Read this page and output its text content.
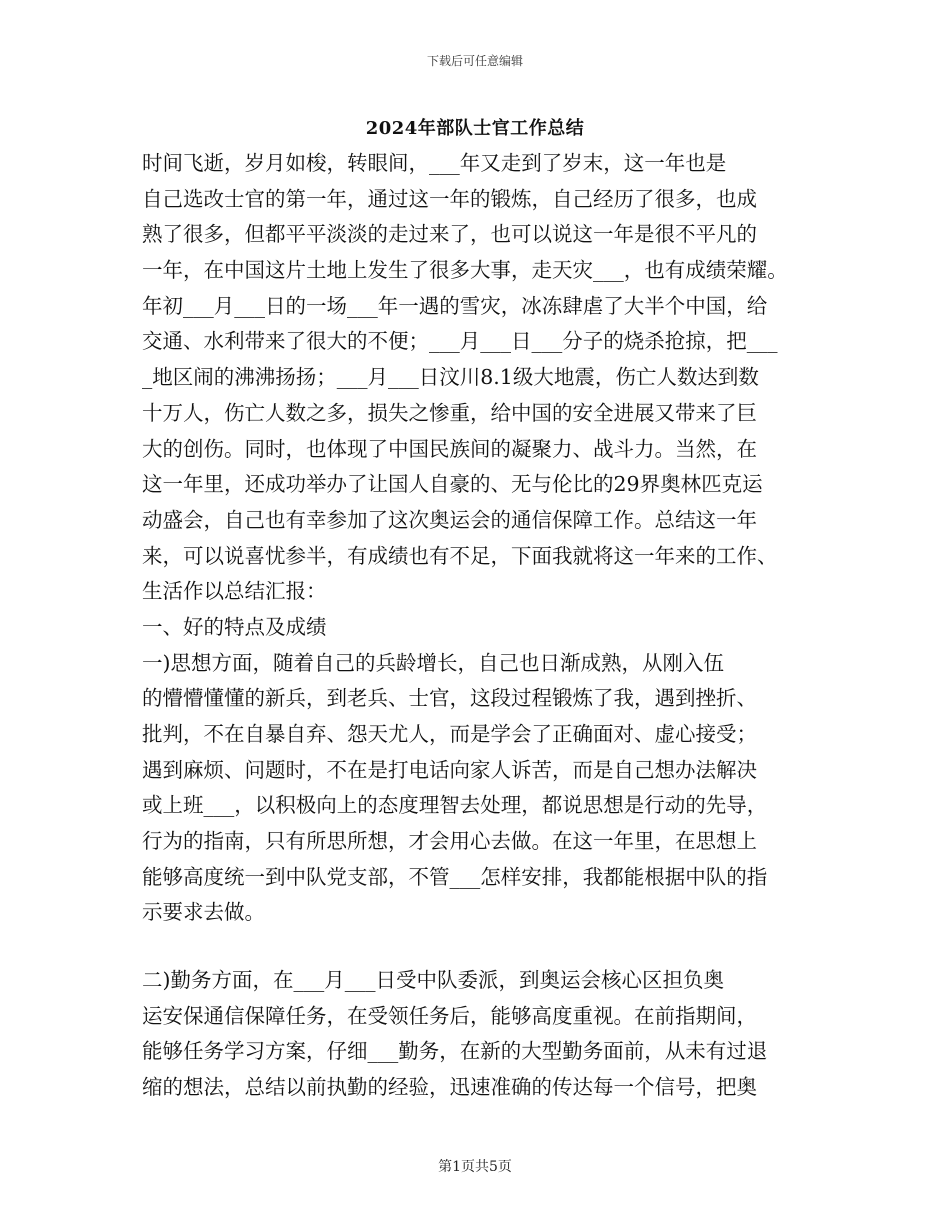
下载后可任意编辑
2024年部队士官工作总结
时间飞逝，岁月如梭，转眼间，___年又走到了岁末，这一年也是
自己选改士官的第一年，通过这一年的锻炼，自己经历了很多，也成
熟了很多，但都平平淡淡的走过来了，也可以说这一年是很不平凡的
一年，在中国这片土地上发生了很多大事，走天灾___，也有成绩荣耀。
年初___月___日的一场___年一遇的雪灾，冰冻肆虐了大半个中国，给
交通、水利带来了很大的不便；___月___日___分子的烧杀抢掠，把___
_地区闹的沸沸扬扬；___月___日汶川8.1级大地震，伤亡人数达到数
十万人，伤亡人数之多，损失之惨重，给中国的安全进展又带来了巨
大的创伤。同时，也体现了中国民族间的凝聚力、战斗力。当然，在
这一年里，还成功举办了让国人自豪的、无与伦比的29界奥林匹克运
动盛会，自己也有幸参加了这次奥运会的通信保障工作。总结这一年
来，可以说喜忧参半，有成绩也有不足，下面我就将这一年来的工作、
生活作以总结汇报：
一、好的特点及成绩
一)思想方面，随着自己的兵龄增长，自己也日渐成熟，从刚入伍
的懵懵懂懂的新兵，到老兵、士官，这段过程锻炼了我，遇到挫折、
批判，不在自暴自弃、怨天尤人，而是学会了正确面对、虚心接受；
遇到麻烦、问题时，不在是打电话向家人诉苦，而是自己想办法解决
或上班___，以积极向上的态度理智去处理，都说思想是行动的先导，
行为的指南，只有所思所想，才会用心去做。在这一年里，在思想上
能够高度统一到中队党支部，不管___怎样安排，我都能根据中队的指
示要求去做。
二)勤务方面，在___月___日受中队委派，到奥运会核心区担负奥
运安保通信保障任务，在受领任务后，能够高度重视。在前指期间，
能够任务学习方案，仔细___勤务，在新的大型勤务面前，从未有过退
缩的想法，总结以前执勤的经验，迅速准确的传达每一个信号，把奥
第1页共5页
